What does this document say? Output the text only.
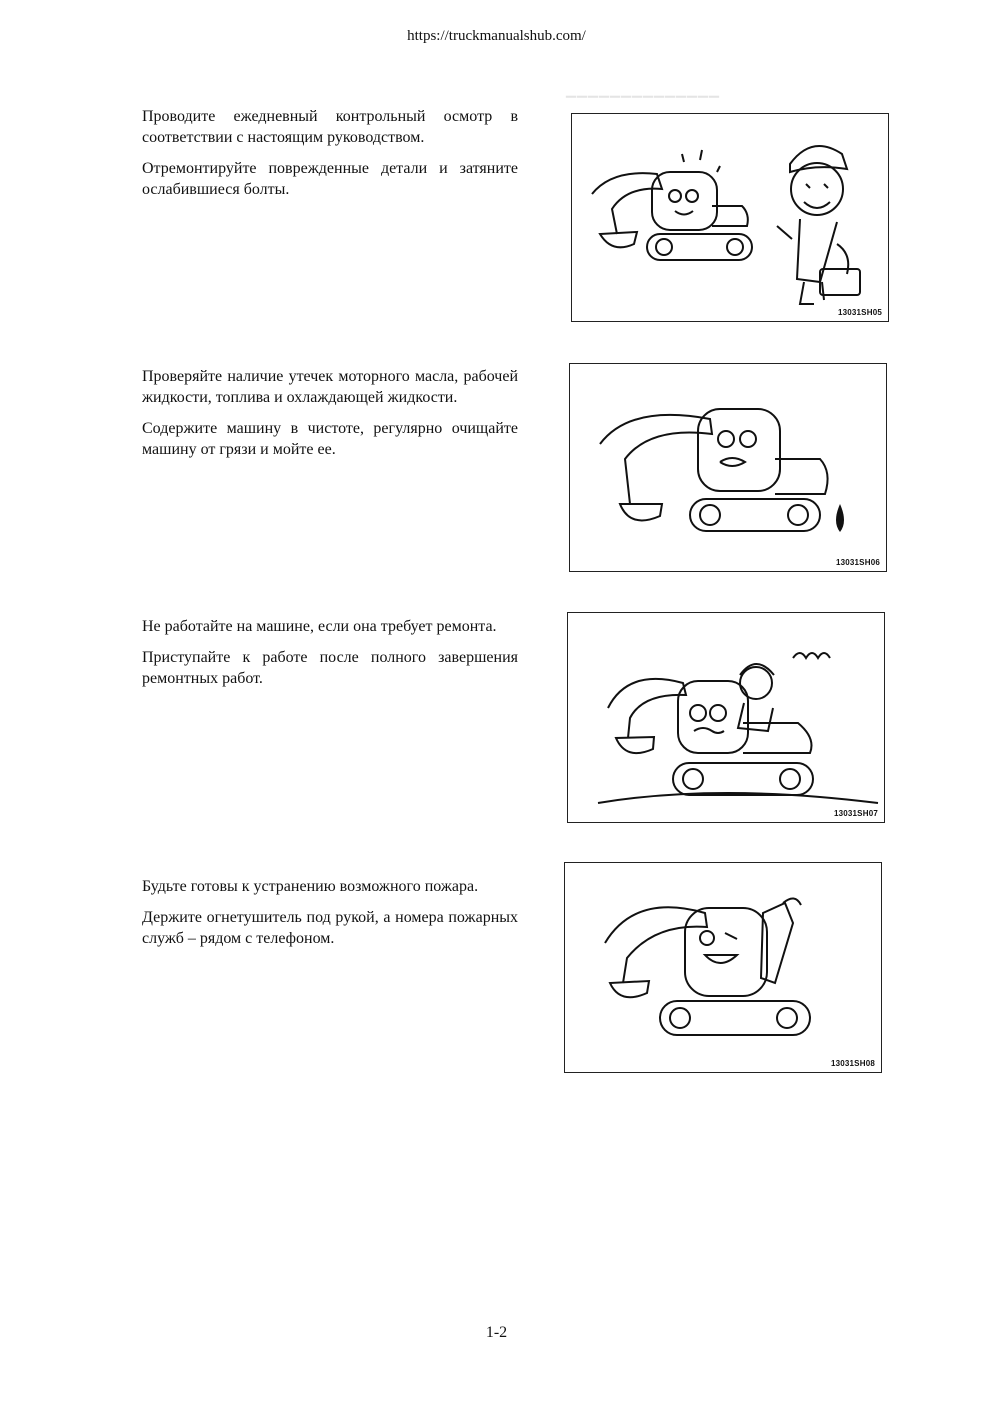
https://truckmanualshub.com/

Проводите ежедневный контрольный осмотр в соответствии с настоящим руководством.

Отремонтируйте поврежденные детали и затяните ослабившиеся болты.

13031SH05
▔▔▔▔▔▔▔▔▔▔▔▔▔▔

Проверяйте наличие утечек моторного масла, рабочей жидкости, топлива и охлаждающей жидкости.

Содержите машину в чистоте, регулярно очищайте машину от грязи и мойте ее.

13031SH06

Не работайте на машине, если она требует ремонта.

Приступайте к работе после полного завершения ремонтных работ.

13031SH07

Будьте готовы к устранению возможного пожара.

Держите огнетушитель под рукой, а номера пожарных служб – рядом с телефоном.

13031SH08
1-2
